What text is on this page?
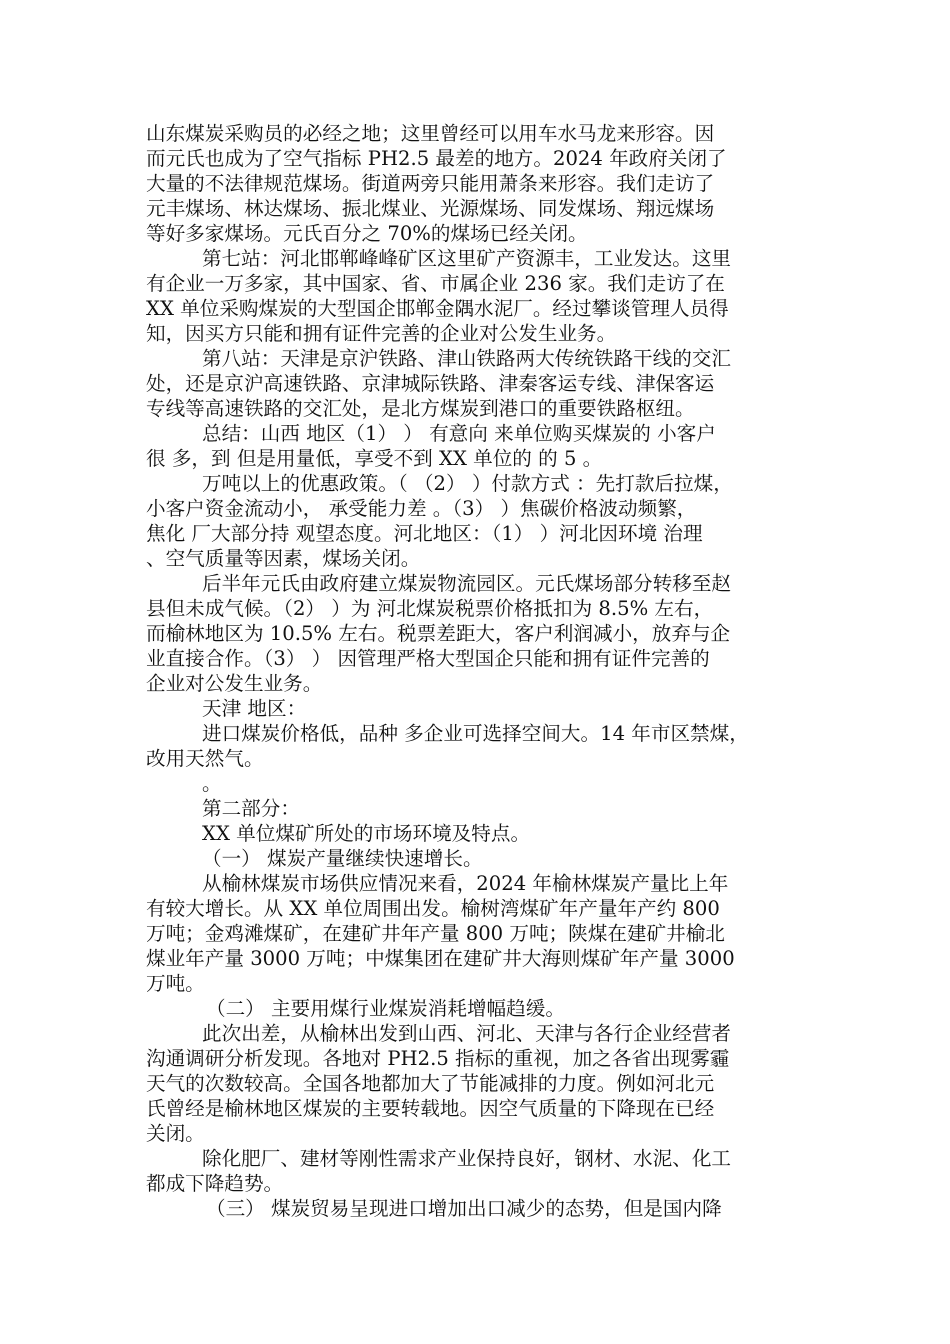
山东煤炭采购员的必经之地；这里曾经可以用车水马龙来形容。因
而元氏也成为了空气指标 PH2.5 最差的地方。2024 年政府关闭了
大量的不法律规范煤场。街道两旁只能用萧条来形容。我们走访了
元丰煤场、林达煤场、振北煤业、光源煤场、同发煤场、翔远煤场
等好多家煤场。元氏百分之 70%的煤场已经关闭。
第七站：河北邯郸峰峰矿区这里矿产资源丰，工业发达。这里
有企业一万多家，其中国家、省、市属企业 236 家。我们走访了在
XX 单位采购煤炭的大型国企邯郸金隅水泥厂。经过攀谈管理人员得
知，因买方只能和拥有证件完善的企业对公发生业务。
第八站：天津是京沪铁路、津山铁路两大传统铁路干线的交汇
处，还是京沪高速铁路、京津城际铁路、津秦客运专线、津保客运
专线等高速铁路的交汇处，是北方煤炭到港口的重要铁路枢纽。
总结：山西 地区（1） ） 有意向 来单位购买煤炭的 小客户
很 多，到 但是用量低，享受不到 XX 单位的 的 5 。
万吨以上的优惠政策。（ （2） ）付款方式 ：先打款后拉煤，
小客户资金流动小， 承受能力差 。（3） ）焦碳价格波动频繁，
焦化 厂大部分持 观望态度。河北地区：（1） ）河北因环境 治理
、空气质量等因素，煤场关闭。
后半年元氏由政府建立煤炭物流园区。元氏煤场部分转移至赵
县但未成气候。（2） ）为 河北煤炭税票价格抵扣为 8.5% 左右，
而榆林地区为 10.5% 左右。税票差距大，客户利润减小，放弃与企
业直接合作。（3） ） 因管理严格大型国企只能和拥有证件完善的
企业对公发生业务。
天津 地区：
进口煤炭价格低，品种 多企业可选择空间大。14 年市区禁煤，
改用天然气。
。
第二部分：
XX 单位煤矿所处的市场环境及特点。
（一） 煤炭产量继续快速增长。
从榆林煤炭市场供应情况来看，2024 年榆林煤炭产量比上年
有较大增长。从 XX 单位周围出发。榆树湾煤矿年产量年产约 800
万吨；金鸡滩煤矿，在建矿井年产量 800 万吨；陕煤在建矿井榆北
煤业年产量 3000 万吨；中煤集团在建矿井大海则煤矿年产量 3000
万吨。
（二） 主要用煤行业煤炭消耗增幅趋缓。
此次出差，从榆林出发到山西、河北、天津与各行企业经营者
沟通调研分析发现。各地对 PH2.5 指标的重视，加之各省出现雾霾
天气的次数较高。全国各地都加大了节能减排的力度。例如河北元
氏曾经是榆林地区煤炭的主要转载地。因空气质量的下降现在已经
关闭。
除化肥厂、建材等刚性需求产业保持良好，钢材、水泥、化工
都成下降趋势。
（三） 煤炭贸易呈现进口增加出口减少的态势，但是国内降
